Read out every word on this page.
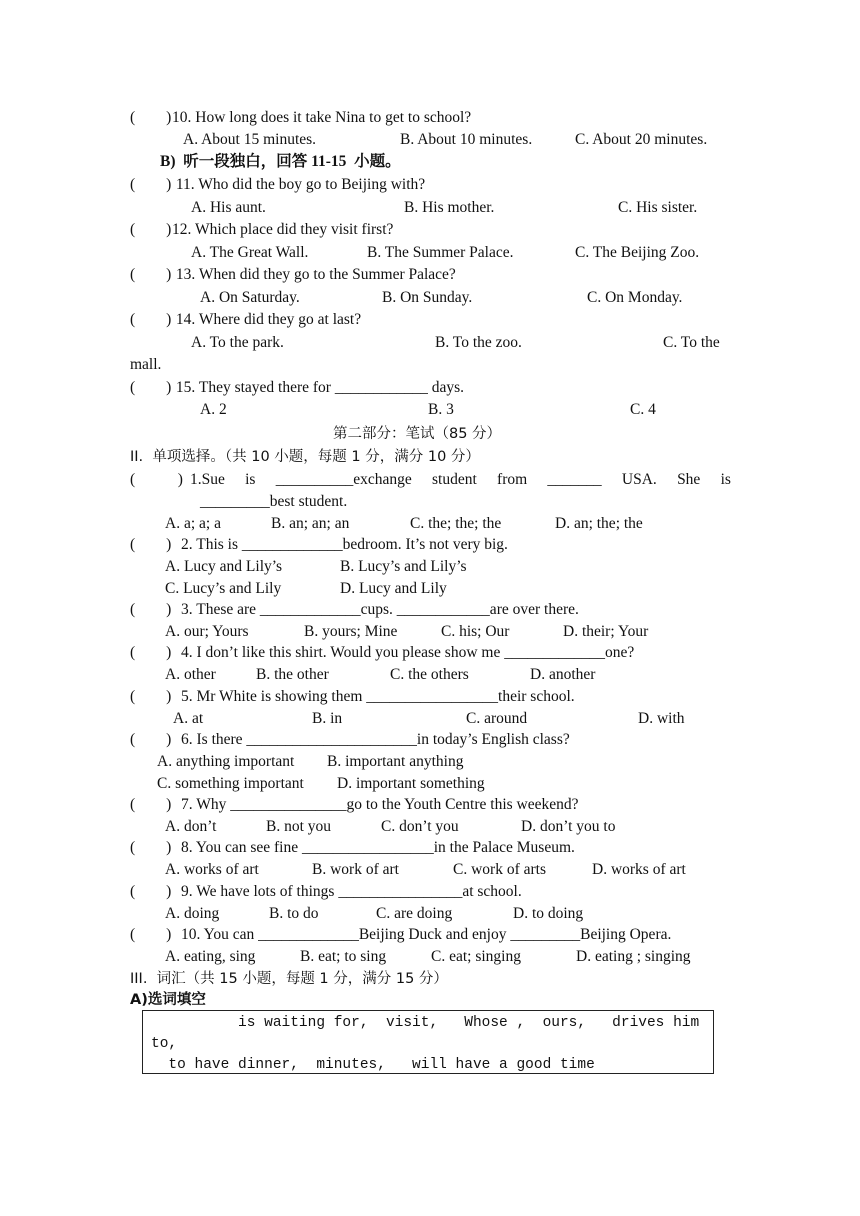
(        ) 10. How long does it take Nina to get to school?
A. About 15 minutes.	B. About 10 minutes.	C. About 20 minutes.
B)  听一段独白，回答 11-15  小题。
(        ) 11. Who did the boy go to Beijing with?
A. His aunt.	B. His mother.	C. His sister.
(        ) 12. Which place did they visit first?
A. The Great Wall.	B. The Summer Palace.	C. The Beijing Zoo.
(        ) 13. When did they go to the Summer Palace?
A. On Saturday.	B. On Sunday.	C. On Monday.
(        ) 14. Where did they go at last?
A. To the park.	B. To the zoo.	C. To the
mall.
(        ) 15. They stayed there for ____________ days.
A. 2	B. 3	C. 4
第二部分：笔试（85 分）
II.  单项选择。（共 10 小题，每题 1 分，满分 10 分）
(           ) 1.Sue is __________exchange student from _______ USA. She is
_________best student.
A. a; a; a	B. an; an; an	C. the; the; the	D. an; the; the
(        ) 2. This is _____________bedroom. It’s not very big.
A. Lucy and Lily’s	B. Lucy’s and Lily’s
C. Lucy’s and Lily	D. Lucy and Lily
(        ) 3. These are _____________cups. ____________are over there.
A. our; Yours	B. yours; Mine	C. his; Our	D. their; Your
(        ) 4. I don’t like this shirt. Would you please show me _____________one?
A. other	B. the other	C. the others	D. another
(        ) 5. Mr White is showing them _________________their school.
A. at	B. in	C. around	D. with
(        ) 6. Is there ______________________in today’s English class?
A. anything important B. important anything
C. something important D. important something
(        ) 7. Why _______________go to the Youth Centre this weekend?
A. don’t	B. not you	C. don’t you	D. don’t you to
(        ) 8. You can see fine _________________in the Palace Museum.
A. works of art	B. work of art	C. work of arts	D. works of art
(        ) 9. We have lots of things ________________at school.
A. doing	B. to do	C. are doing	D. to doing
(        ) 10. You can _____________Beijing Duck and enjoy _________Beijing Opera.
A. eating, sing	B. eat; to sing	C. eat; singing	D. eating ; singing
III.  词汇（共 15 小题，每题 1 分，满分 15 分）
A)选词填空
is waiting for,  visit,   Whose ,  ours,   drives him
to,
to have dinner,  minutes,   will have a good time
